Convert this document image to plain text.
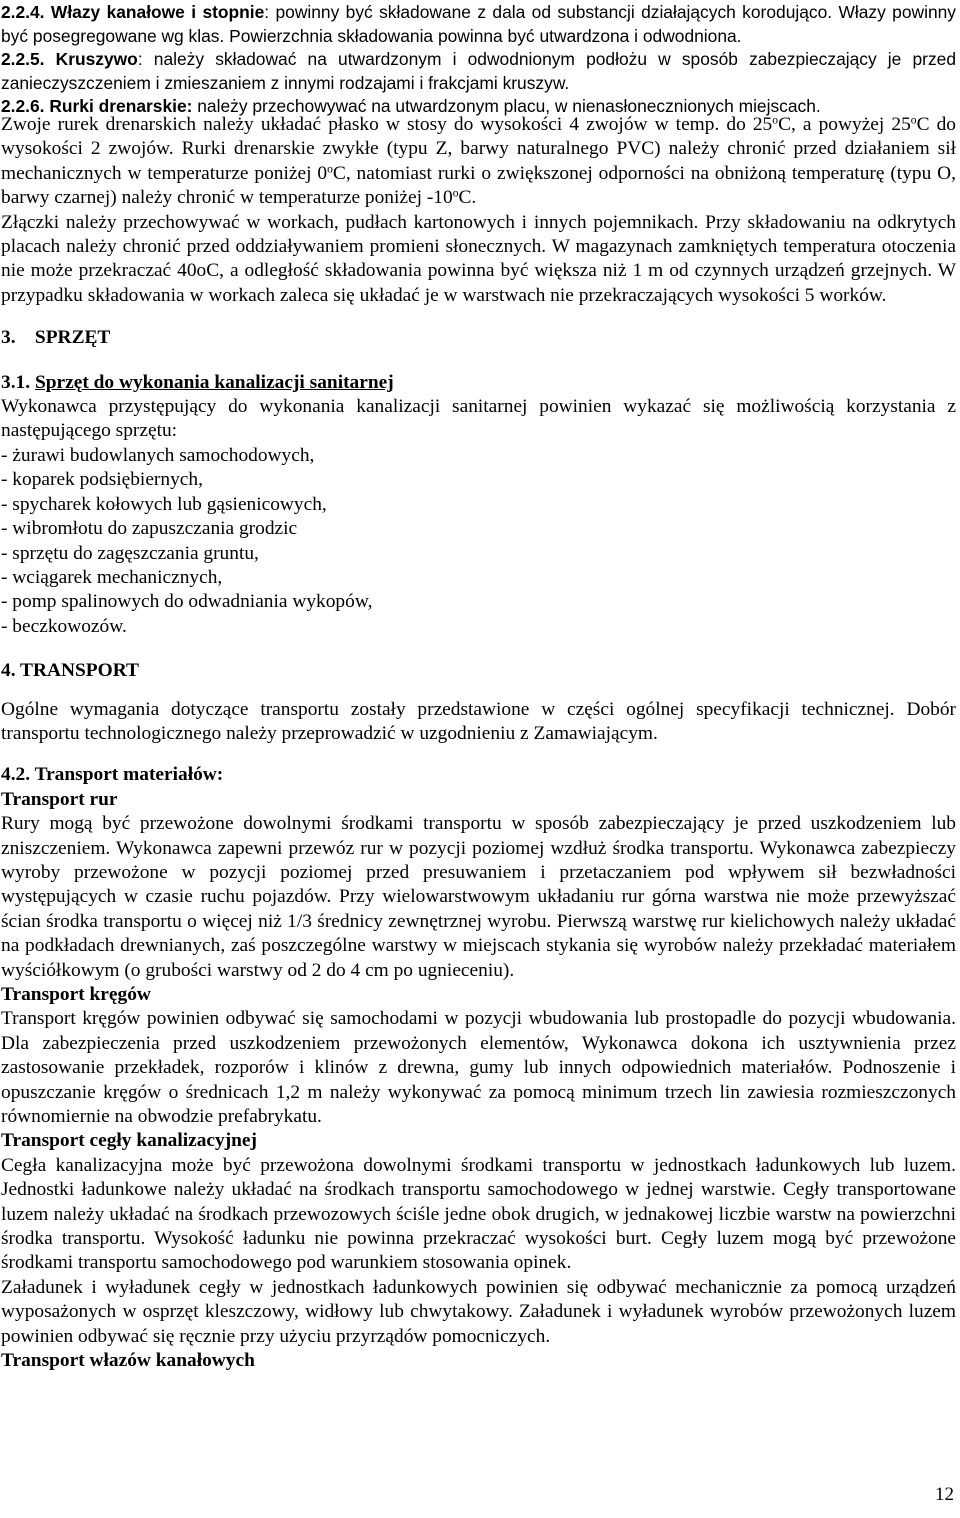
2.2.4. Włazy kanałowe i stopnie: powinny być składowane z dala od substancji działających korodująco. Włazy powinny być posegregowane wg klas. Powierzchnia składowania powinna być utwardzona i odwodniona.

2.2.5. Kruszywo: należy składować na utwardzonym i odwodnionym podłożu w sposób zabezpieczający je przed zanieczyszczeniem i zmieszaniem z innymi rodzajami i frakcjami kruszyw.

2.2.6. Rurki drenarskie: należy przechowywać na utwardzonym placu, w nienasłonecznionych miejscach.

Zwoje rurek drenarskich należy układać płasko w stosy do wysokości 4 zwojów w temp. do 25$^o$C, a powyżej 25$^o$C do wysokości 2 zwojów. Rurki drenarskie zwykłe (typu Z, barwy naturalnego PVC) należy chronić przed działaniem sił mechanicznych w temperaturze poniżej 0$^o$C, natomiast rurki o zwiększonej odporności na obniżoną temperaturę (typu O, barwy czarnej) należy chronić w temperaturze poniżej -10$^o$C.

Złączki należy przechowywać w workach, pudłach kartonowych i innych pojemnikach. Przy składowaniu na odkrytych placach należy chronić przed oddziaływaniem promieni słonecznych. W magazynach zamkniętych temperatura otoczenia nie może przekraczać 40oC, a odległość składowania powinna być większa niż 1 m od czynnych urządzeń grzejnych. W przypadku składowania w workach zaleca się układać je w warstwach nie przekraczających wysokości 5 worków.

3.    SPRZĘT

3.1. Sprzęt do wykonania kanalizacji sanitarnej

Wykonawca przystępujący do wykonania kanalizacji sanitarnej powinien wykazać się możliwością korzystania z następującego sprzętu:

- żurawi budowlanych samochodowych,
- koparek podsiębiernych,
- spycharek kołowych lub gąsienicowych,
- wibromłotu do zapuszczania grodzic
- sprzętu do zagęszczania gruntu,
- wciągarek mechanicznych,
- pomp spalinowych do odwadniania wykopów,
- beczkowozów.

4. TRANSPORT

Ogólne wymagania dotyczące transportu zostały przedstawione w części ogólnej specyfikacji technicznej. Dobór transportu technologicznego należy przeprowadzić w uzgodnieniu z Zamawiającym.

4.2. Transport materiałów:

Transport rur

Rury mogą być przewożone dowolnymi środkami transportu w sposób zabezpieczający je przed uszkodzeniem lub zniszczeniem. Wykonawca zapewni przewóz rur w pozycji poziomej wzdłuż środka transportu. Wykonawca zabezpieczy wyroby przewożone w pozycji poziomej przed presuwaniem i przetaczaniem pod wpływem sił bezwładności występujących w czasie ruchu pojazdów. Przy wielowarstwowym układaniu rur górna warstwa nie może przewyższać ścian środka transportu o więcej niż 1/3 średnicy zewnętrznej wyrobu. Pierwszą warstwę rur kielichowych należy układać na podkładach drewnianych, zaś poszczególne warstwy w miejscach stykania się wyrobów należy przekładać materiałem wyściółkowym (o grubości warstwy od 2 do 4 cm po ugnieceniu).

Transport kręgów

Transport kręgów powinien odbywać się samochodami w pozycji wbudowania lub prostopadle do pozycji wbudowania. Dla zabezpieczenia przed uszkodzeniem przewożonych elementów, Wykonawca dokona ich usztywnienia przez zastosowanie przekładek, rozporów i klinów z drewna, gumy lub innych odpowiednich materiałów. Podnoszenie i opuszczanie kręgów o średnicach 1,2 m należy wykonywać za pomocą minimum trzech lin zawiesia rozmieszczonych równomiernie na obwodzie prefabrykatu.

Transport cegły kanalizacyjnej

Cegła kanalizacyjna może być przewożona dowolnymi środkami transportu w jednostkach ładunkowych lub luzem. Jednostki ładunkowe należy układać na środkach transportu samochodowego w jednej warstwie. Cegły transportowane luzem należy układać na środkach przewozowych ściśle jedne obok drugich, w jednakowej liczbie warstw na powierzchni środka transportu. Wysokość ładunku nie powinna przekraczać wysokości burt. Cegły luzem mogą być przewożone środkami transportu samochodowego pod warunkiem stosowania opinek.

Załadunek i wyładunek cegły w jednostkach ładunkowych powinien się odbywać mechanicznie za pomocą urządzeń wyposażonych w osprzęt kleszczowy, widłowy lub chwytakowy. Załadunek i wyładunek wyrobów przewożonych luzem powinien odbywać się ręcznie przy użyciu przyrządów pomocniczych.

Transport włazów kanałowych

12
